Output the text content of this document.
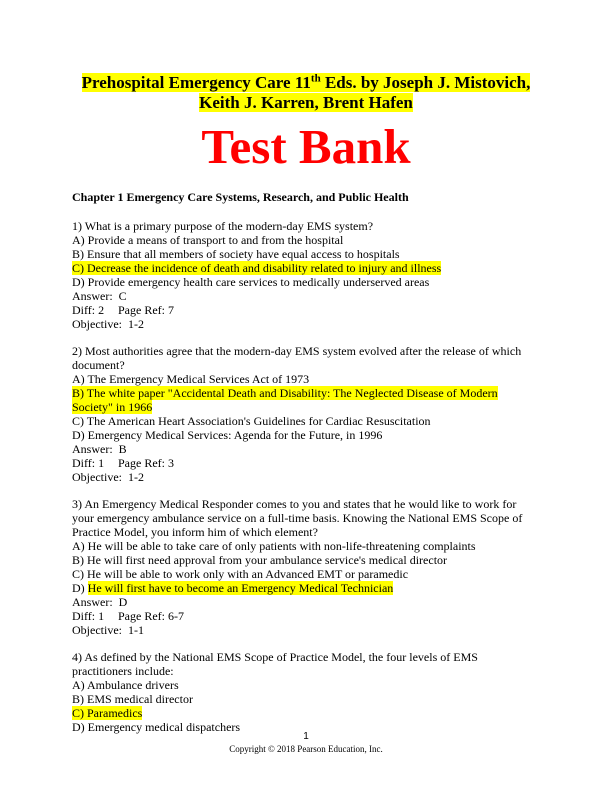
Prehospital Emergency Care 11th Eds. by Joseph J. Mistovich,
Keith J. Karren, Brent Hafen
Test Bank
Chapter 1 Emergency Care Systems, Research, and Public Health
1) What is a primary purpose of the modern-day EMS system?
A) Provide a means of transport to and from the hospital
B) Ensure that all members of society have equal access to hospitals
C) Decrease the incidence of death and disability related to injury and illness
D) Provide emergency health care services to medically underserved areas
Answer:  C
Diff: 2 Page Ref: 7
Objective:  1-2
2) Most authorities agree that the modern-day EMS system evolved after the release of which
document?
A) The Emergency Medical Services Act of 1973
B) The white paper "Accidental Death and Disability: The Neglected Disease of Modern
Society" in 1966
C) The American Heart Association's Guidelines for Cardiac Resuscitation
D) Emergency Medical Services: Agenda for the Future, in 1996
Answer:  B
Diff: 1 Page Ref: 3
Objective:  1-2
3) An Emergency Medical Responder comes to you and states that he would like to work for
your emergency ambulance service on a full-time basis. Knowing the National EMS Scope of
Practice Model, you inform him of which element?
A) He will be able to take care of only patients with non-life-threatening complaints
B) He will first need approval from your ambulance service's medical director
C) He will be able to work only with an Advanced EMT or paramedic
D) He will first have to become an Emergency Medical Technician
Answer:  D
Diff: 1 Page Ref: 6-7
Objective:  1-1
4) As defined by the National EMS Scope of Practice Model, the four levels of EMS
practitioners include:
A) Ambulance drivers
B) EMS medical director
C) Paramedics
D) Emergency medical dispatchers
1
Copyright © 2018 Pearson Education, Inc.
